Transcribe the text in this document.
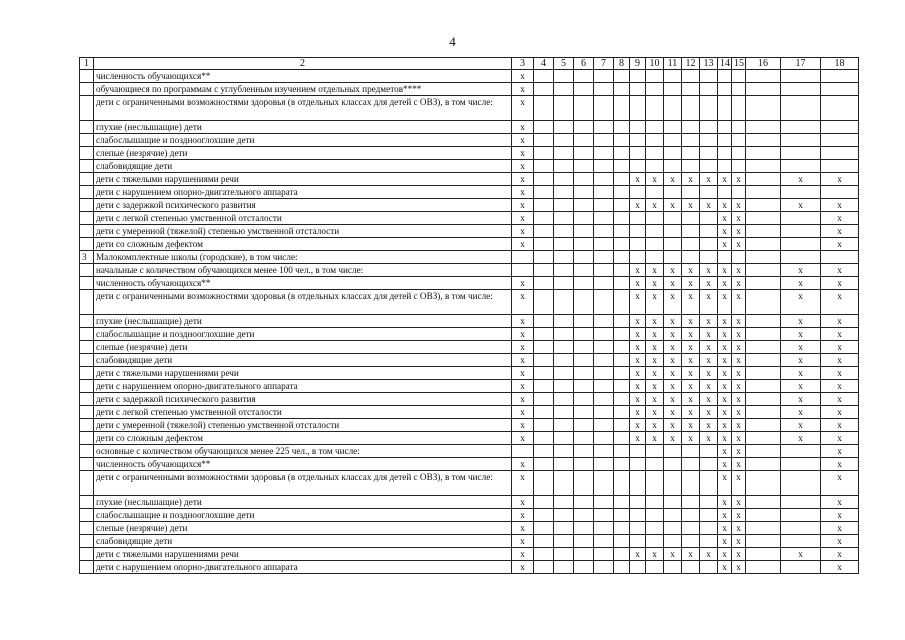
4
1	2	3	4	5	6	7	8	9	10	11	12	13	14	15	16	17	18
	численность обучающихся**	х															
	обучающиеся по программам с углубленным изучением отдельных предметов****	х															
	дети с ограниченными возможностями здоровья (в отдельных классах для детей с ОВЗ), в том числе:	х															
	глухие (неслышащие) дети	х															
	слабослышащие и позднооглохшие дети	х															
	слепые (незрячие) дети	х															
	слабовидящие дети	х															
	дети с тяжелыми нарушениями речи	х						х	х	х	х	х	х	х		х	х
	дети с нарушением опорно-двигательного аппарата	х															
	дети с задержкой психического развития	х						х	х	х	х	х	х	х		х	х
	дети с легкой степенью умственной отсталости	х											х	х			х
	дети с умеренной (тяжелой) степенью умственной отсталости	х											х	х			х
	дети со сложным дефектом	х											х	х			х
3	Малокомплектные школы (городские), в том числе:																
	начальные с количеством обучающихся менее 100 чел., в том числе:							х	х	х	х	х	х	х		х	х
	численность обучающихся**	х						х	х	х	х	х	х	х		х	х
	дети с ограниченными возможностями здоровья (в отдельных классах для детей с ОВЗ), в том числе:	х						х	х	х	х	х	х	х		х	х
	глухие (неслышащие) дети	х						х	х	х	х	х	х	х		х	х
	слабослышащие и позднооглохшие дети	х						х	х	х	х	х	х	х		х	х
	слепые (незрячие) дети	х						х	х	х	х	х	х	х		х	х
	слабовидящие дети	х						х	х	х	х	х	х	х		х	х
	дети с тяжелыми нарушениями речи	х						х	х	х	х	х	х	х		х	х
	дети с нарушением опорно-двигательного аппарата	х						х	х	х	х	х	х	х		х	х
	дети с задержкой психического развития	х						х	х	х	х	х	х	х		х	х
	дети с легкой степенью умственной отсталости	х						х	х	х	х	х	х	х		х	х
	дети с умеренной (тяжелой) степенью умственной отсталости	х						х	х	х	х	х	х	х		х	х
	дети со сложным дефектом	х						х	х	х	х	х	х	х		х	х
	основные с количеством обучающихся менее 225 чел., в том числе:												х	х			х
	численность обучающихся**	х											х	х			х
	дети с ограниченными возможностями здоровья (в отдельных классах для детей с ОВЗ), в том числе:	х											х	х			х
	глухие (неслышащие) дети	х											х	х			х
	слабослышащие и позднооглохшие дети	х											х	х			х
	слепые (незрячие) дети	х											х	х			х
	слабовидящие дети	х											х	х			х
	дети с тяжелыми нарушениями речи	х						х	х	х	х	х	х	х		х	х
	дети с нарушением опорно-двигательного аппарата	х											х	х			х
